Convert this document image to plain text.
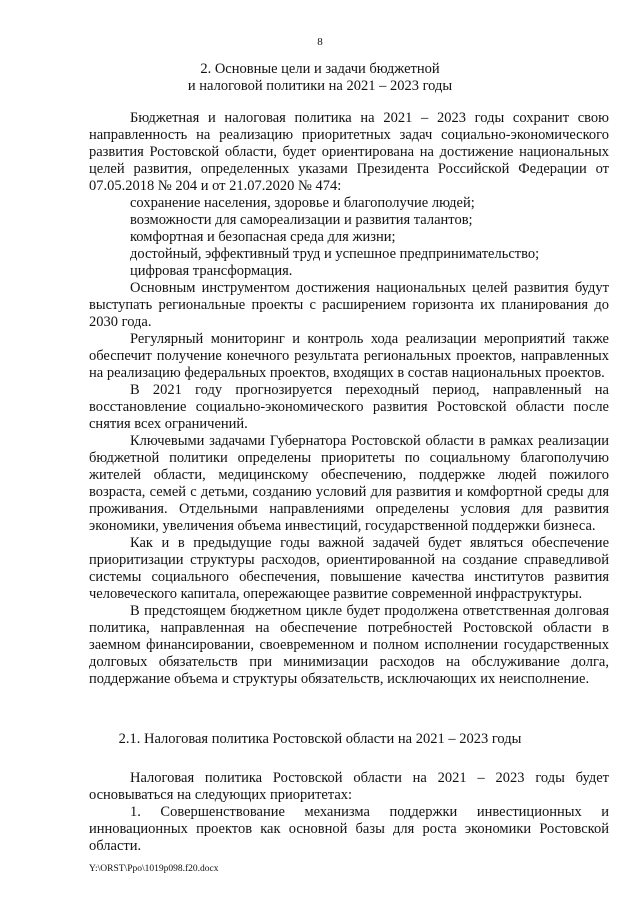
8
2. Основные цели и задачи бюджетной
и налоговой политики на 2021 – 2023 годы

Бюджетная и налоговая политика на 2021 – 2023 годы сохранит свою направленность на реализацию приоритетных задач социально-экономического развития Ростовской области, будет ориентирована на достижение национальных целей развития, определенных указами Президента Российской Федерации от 07.05.2018 № 204 и от 21.07.2020 № 474:

сохранение населения, здоровье и благополучие людей;

возможности для самореализации и развития талантов;

комфортная и безопасная среда для жизни;

достойный, эффективный труд и успешное предпринимательство;

цифровая трансформация.

Основным инструментом достижения национальных целей развития будут выступать региональные проекты с расширением горизонта их планирования до 2030 года.

Регулярный мониторинг и контроль хода реализации мероприятий также обеспечит получение конечного результата региональных проектов, направленных на реализацию федеральных проектов, входящих в состав национальных проектов.

В 2021 году прогнозируется переходный период, направленный на восстановление социально-экономического развития Ростовской области после снятия всех ограничений.

Ключевыми задачами Губернатора Ростовской области в рамках реализации бюджетной политики определены приоритеты по социальному благополучию жителей области, медицинскому обеспечению, поддержке людей пожилого возраста, семей с детьми, созданию условий для развития и комфортной среды для проживания. Отдельными направлениями определены условия для развития экономики, увеличения объема инвестиций, государственной поддержки бизнеса.

Как и в предыдущие годы важной задачей будет являться обеспечение приоритизации структуры расходов, ориентированной на создание справедливой системы социального обеспечения, повышение качества институтов развития человеческого капитала, опережающее развитие современной инфраструктуры.

В предстоящем бюджетном цикле будет продолжена ответственная долговая политика, направленная на обеспечение потребностей Ростовской области в заемном финансировании, своевременном и полном исполнении государственных долговых обязательств при минимизации расходов на обслуживание долга, поддержание объема и структуры обязательств, исключающих их неисполнение.

2.1. Налоговая политика Ростовской области на 2021 – 2023 годы

Налоговая политика Ростовской области на 2021 – 2023 годы будет основываться на следующих приоритетах:

1. Совершенствование механизма поддержки инвестиционных и инновационных проектов как основной базы для роста экономики Ростовской области.

Y:\ORST\Ppo\1019p098.f20.docx
